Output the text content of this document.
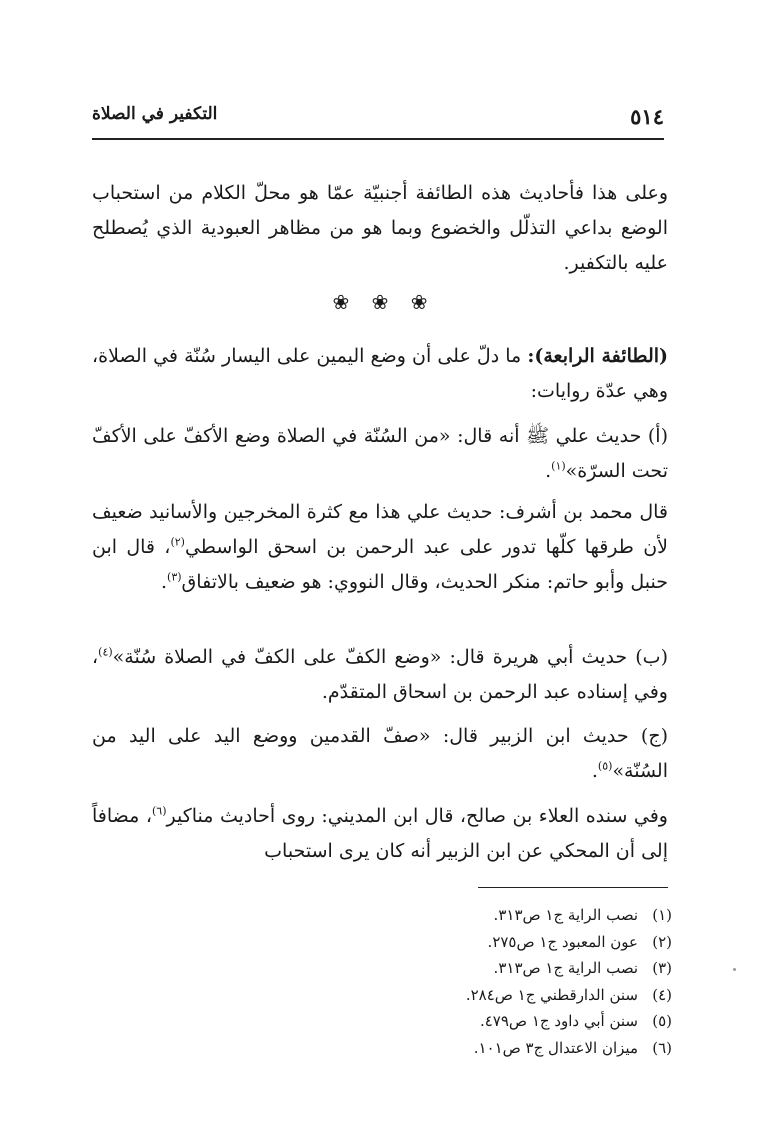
٥١٤
التكفير في الصلاة

وعلى هذا فأحاديث هذه الطائفة أجنبيّة عمّا هو محلّ الكلام من استحباب الوضع بداعي التذلّل والخضوع وبما هو من مظاهر العبودية الذي يُصطلح عليه بالتكفير.

❀ ❀ ❀

(الطائفة الرابعة): ما دلّ على أن وضع اليمين على اليسار سُنّة في الصلاة، وهي عدّة روايات:

(أ) حديث علي ﷺ أنه قال: «من السُنّة في الصلاة وضع الأكفّ على الأكفّ تحت السرّة»$^{(١)}$.

قال محمد بن أشرف: حديث علي هذا مع كثرة المخرجين والأسانيد ضعيف لأن طرقها كلّها تدور على عبد الرحمن بن اسحق الواسطي$^{(٢)}$، قال ابن حنبل وأبو حاتم: منكر الحديث، وقال النووي: هو ضعيف بالاتفاق$^{(٣)}$.

(ب) حديث أبي هريرة قال: «وضع الكفّ على الكفّ في الصلاة سُنّة»$^{(٤)}$، وفي إسناده عبد الرحمن بن اسحاق المتقدّم.

(ج) حديث ابن الزبير قال: «صفّ القدمين ووضع اليد على اليد من السُنّة»$^{(٥)}$.

وفي سنده العلاء بن صالح، قال ابن المديني: روى أحاديث مناكير$^{(٦)}$، مضافاً إلى أن المحكي عن ابن الزبير أنه كان يرى استحباب

(١)
نصب الراية ج١ ص٣١٣.
(٢)
عون المعبود ج١ ص٢٧٥.
(٣)
نصب الراية ج١ ص٣١٣.
(٤)
سنن الدارقطني ج١ ص٢٨٤.
(٥)
سنن أبي داود ج١ ص٤٧٩.
(٦)
ميزان الاعتدال ج٣ ص١٠١.
